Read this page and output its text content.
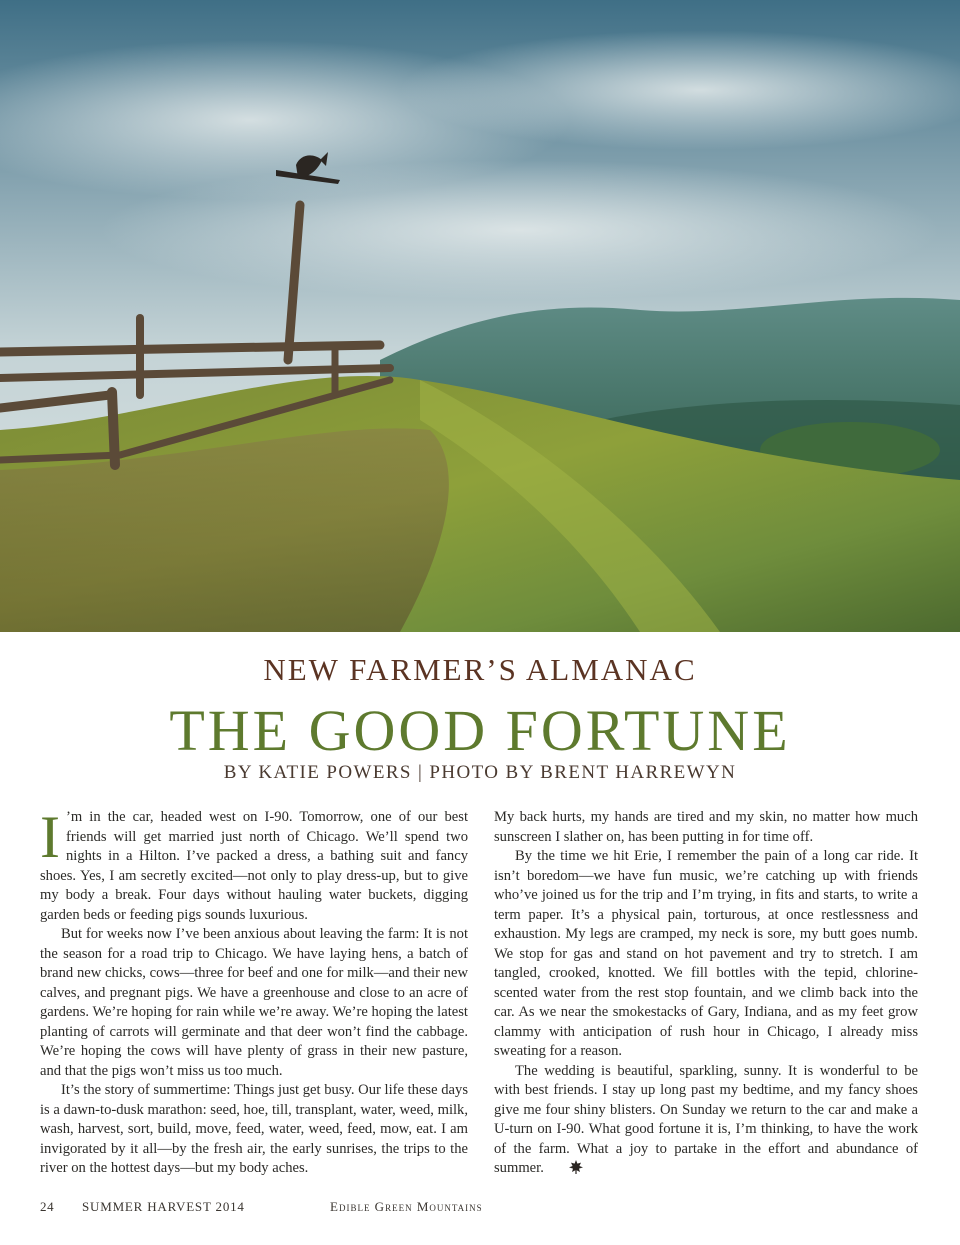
NEW FARMER’S ALMANAC
THE GOOD FORTUNE
BY KATIE POWERS | PHOTO BY BRENT HARREWYN

I ’m in the car, headed west on I-90. Tomorrow, one of our best friends will get married just north of Chicago. We’ll spend two nights in a Hilton. I’ve packed a dress, a bathing suit and fancy shoes. Yes, I am secretly excited—not only to play dress-up, but to give my body a break. Four days without hauling water buckets, digging garden beds or feeding pigs sounds luxurious.

But for weeks now I’ve been anxious about leaving the farm: It is not the season for a road trip to Chicago. We have laying hens, a batch of brand new chicks, cows—three for beef and one for milk—and their new calves, and pregnant pigs. We have a greenhouse and close to an acre of gardens. We’re hoping for rain while we’re away. We’re hoping the latest planting of carrots will germinate and that deer won’t find the cabbage. We’re hoping the cows will have plenty of grass in their new pasture, and that the pigs won’t miss us too much.

It’s the story of summertime: Things just get busy. Our life these days is a dawn-to-dusk marathon: seed, hoe, till, transplant, water, weed, milk, wash, harvest, sort, build, move, feed, water, weed, feed, mow, eat. I am invigorated by it all—by the fresh air, the early sunrises, the trips to the river on the hottest days—but my body aches.

My back hurts, my hands are tired and my skin, no matter how much sunscreen I slather on, has been putting in for time off.

By the time we hit Erie, I remember the pain of a long car ride. It isn’t boredom—we have fun music, we’re catching up with friends who’ve joined us for the trip and I’m trying, in fits and starts, to write a term paper. It’s a physical pain, torturous, at once restlessness and exhaustion. My legs are cramped, my neck is sore, my butt goes numb. We stop for gas and stand on hot pavement and try to stretch. I am tangled, crooked, knotted. We fill bottles with the tepid, chlorine-scented water from the rest stop fountain, and we climb back into the car. As we near the smokestacks of Gary, Indiana, and as my feet grow clammy with anticipation of rush hour in Chicago, I already miss sweating for a reason.

The wedding is beautiful, sparkling, sunny. It is wonderful to be with best friends. I stay up long past my bedtime, and my fancy shoes give me four shiny blisters. On Sunday we return to the car and make a U-turn on I-90. What good fortune it is, I’m thinking, to have the work of the farm. What a joy to partake in the effort and abundance of summer.

24 SUMMER HARVEST 2014	Edible Green Mountains
